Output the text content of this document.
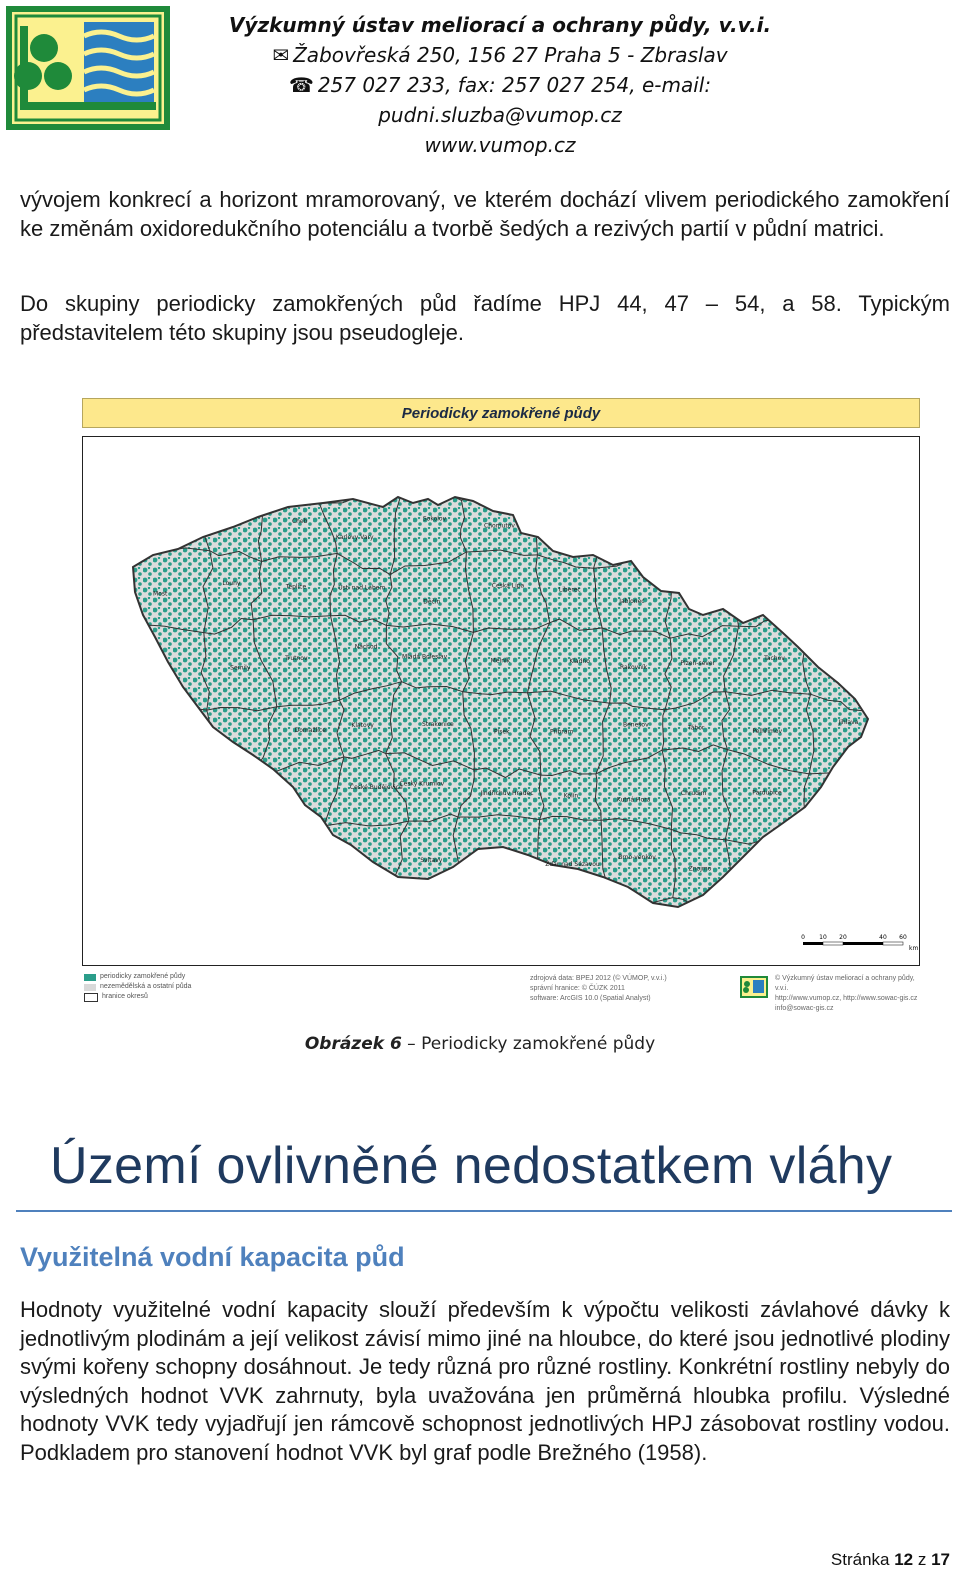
Výzkumný ústav meliorací a ochrany půdy, v.v.i.
✉ Žabovřeská 250, 156 27 Praha 5 - Zbraslav
☎ 257 027 233, fax: 257 027 254, e-mail: pudni.sluzba@vumop.cz
www.vumop.cz
vývojem konkrecí a horizont mramorovaný, ve kterém dochází vlivem periodického zamokření ke změnám oxidoredukčního potenciálu a tvorbě šedých a rezivých partií v půdní matrici.
Do skupiny periodicky zamokřených půd řadíme HPJ 44, 47 – 54, a 58. Typickým představitelem této skupiny jsou pseudogleje.
Periodicky zamokřené půdy
Cheb
Karlovy Vary
Sokolov
Chomutov
Most
Louny	Teplice	Ústí nad Labem
Děčín
Česká Lípa
Liberec
Jablonec
Semily
Trutnov
Náchod
Mladá Boleslav
Mělník	Kladno
Rakovník
Plzeň-sever
Tachov
Domažlice
Klatovy	Strakonice
Písek	Příbram
Benešov	Tábor	Pelhřimov
Jihlava
České Budějovice
Český Krumlov
Jindřichův Hradec	Kolín
Kutná Hora
Chrudim	Pardubice
Svitavy
Žďár nad Sázavou
Brno-venkov
Znojmo
0 10 20	40 60
km
periodicky zamokřené půdy
nezemědělská a ostatní půda
hranice okresů
zdrojová data: BPEJ 2012 (© VÚMOP, v.v.i.)
správní hranice: © ČÚZK 2011
software: ArcGIS 10.0 (Spatial Analyst)
© Výzkumný ústav meliorací a ochrany půdy, v.v.i.
http://www.vumop.cz, http://www.sowac-gis.cz
info@sowac-gis.cz
Obrázek 6 – Periodicky zamokřené půdy
Území ovlivněné nedostatkem vláhy
Využitelná vodní kapacita půd
Hodnoty využitelné vodní kapacity slouží především k výpočtu velikosti závlahové dávky k jednotlivým plodinám a její velikost závisí mimo jiné na hloubce, do které jsou jednotlivé plodiny svými kořeny schopny dosáhnout. Je tedy různá pro různé rostliny. Konkrétní rostliny nebyly do výsledných hodnot VVK zahrnuty, byla uvažována jen průměrná hloubka profilu. Výsledné hodnoty VVK tedy vyjadřují jen rámcově schopnost jednotlivých HPJ zásobovat rostliny vodou. Podkladem pro stanovení hodnot VVK byl graf podle Brežného (1958).
Stránka 12 z 17
